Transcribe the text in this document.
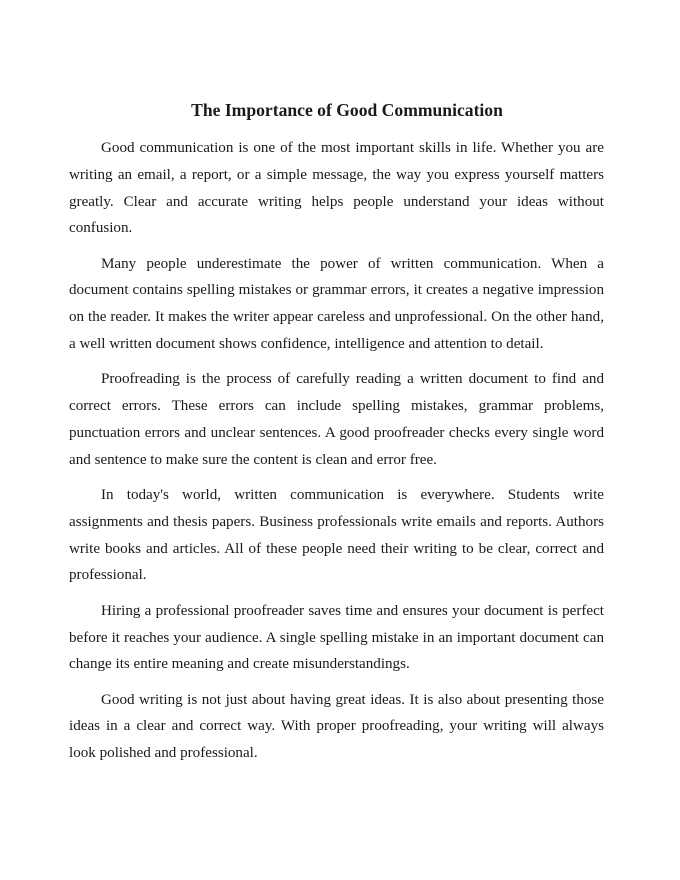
The Importance of Good Communication

Good communication is one of the most important skills in life. Whether you are writing an email, a report, or a simple message, the way you express yourself matters greatly. Clear and accurate writing helps people understand your ideas without confusion.

Many people underestimate the power of written communication. When a document contains spelling mistakes or grammar errors, it creates a negative impression on the reader. It makes the writer appear careless and unprofessional. On the other hand, a well written document shows confidence, intelligence and attention to detail.

Proofreading is the process of carefully reading a written document to find and correct errors. These errors can include spelling mistakes, grammar problems, punctuation errors and unclear sentences. A good proofreader checks every single word and sentence to make sure the content is clean and error free.

In today's world, written communication is everywhere. Students write assignments and thesis papers. Business professionals write emails and reports. Authors write books and articles. All of these people need their writing to be clear, correct and professional.

Hiring a professional proofreader saves time and ensures your document is perfect before it reaches your audience. A single spelling mistake in an important document can change its entire meaning and create misunderstandings.

Good writing is not just about having great ideas. It is also about presenting those ideas in a clear and correct way. With proper proofreading, your writing will always look polished and professional.
